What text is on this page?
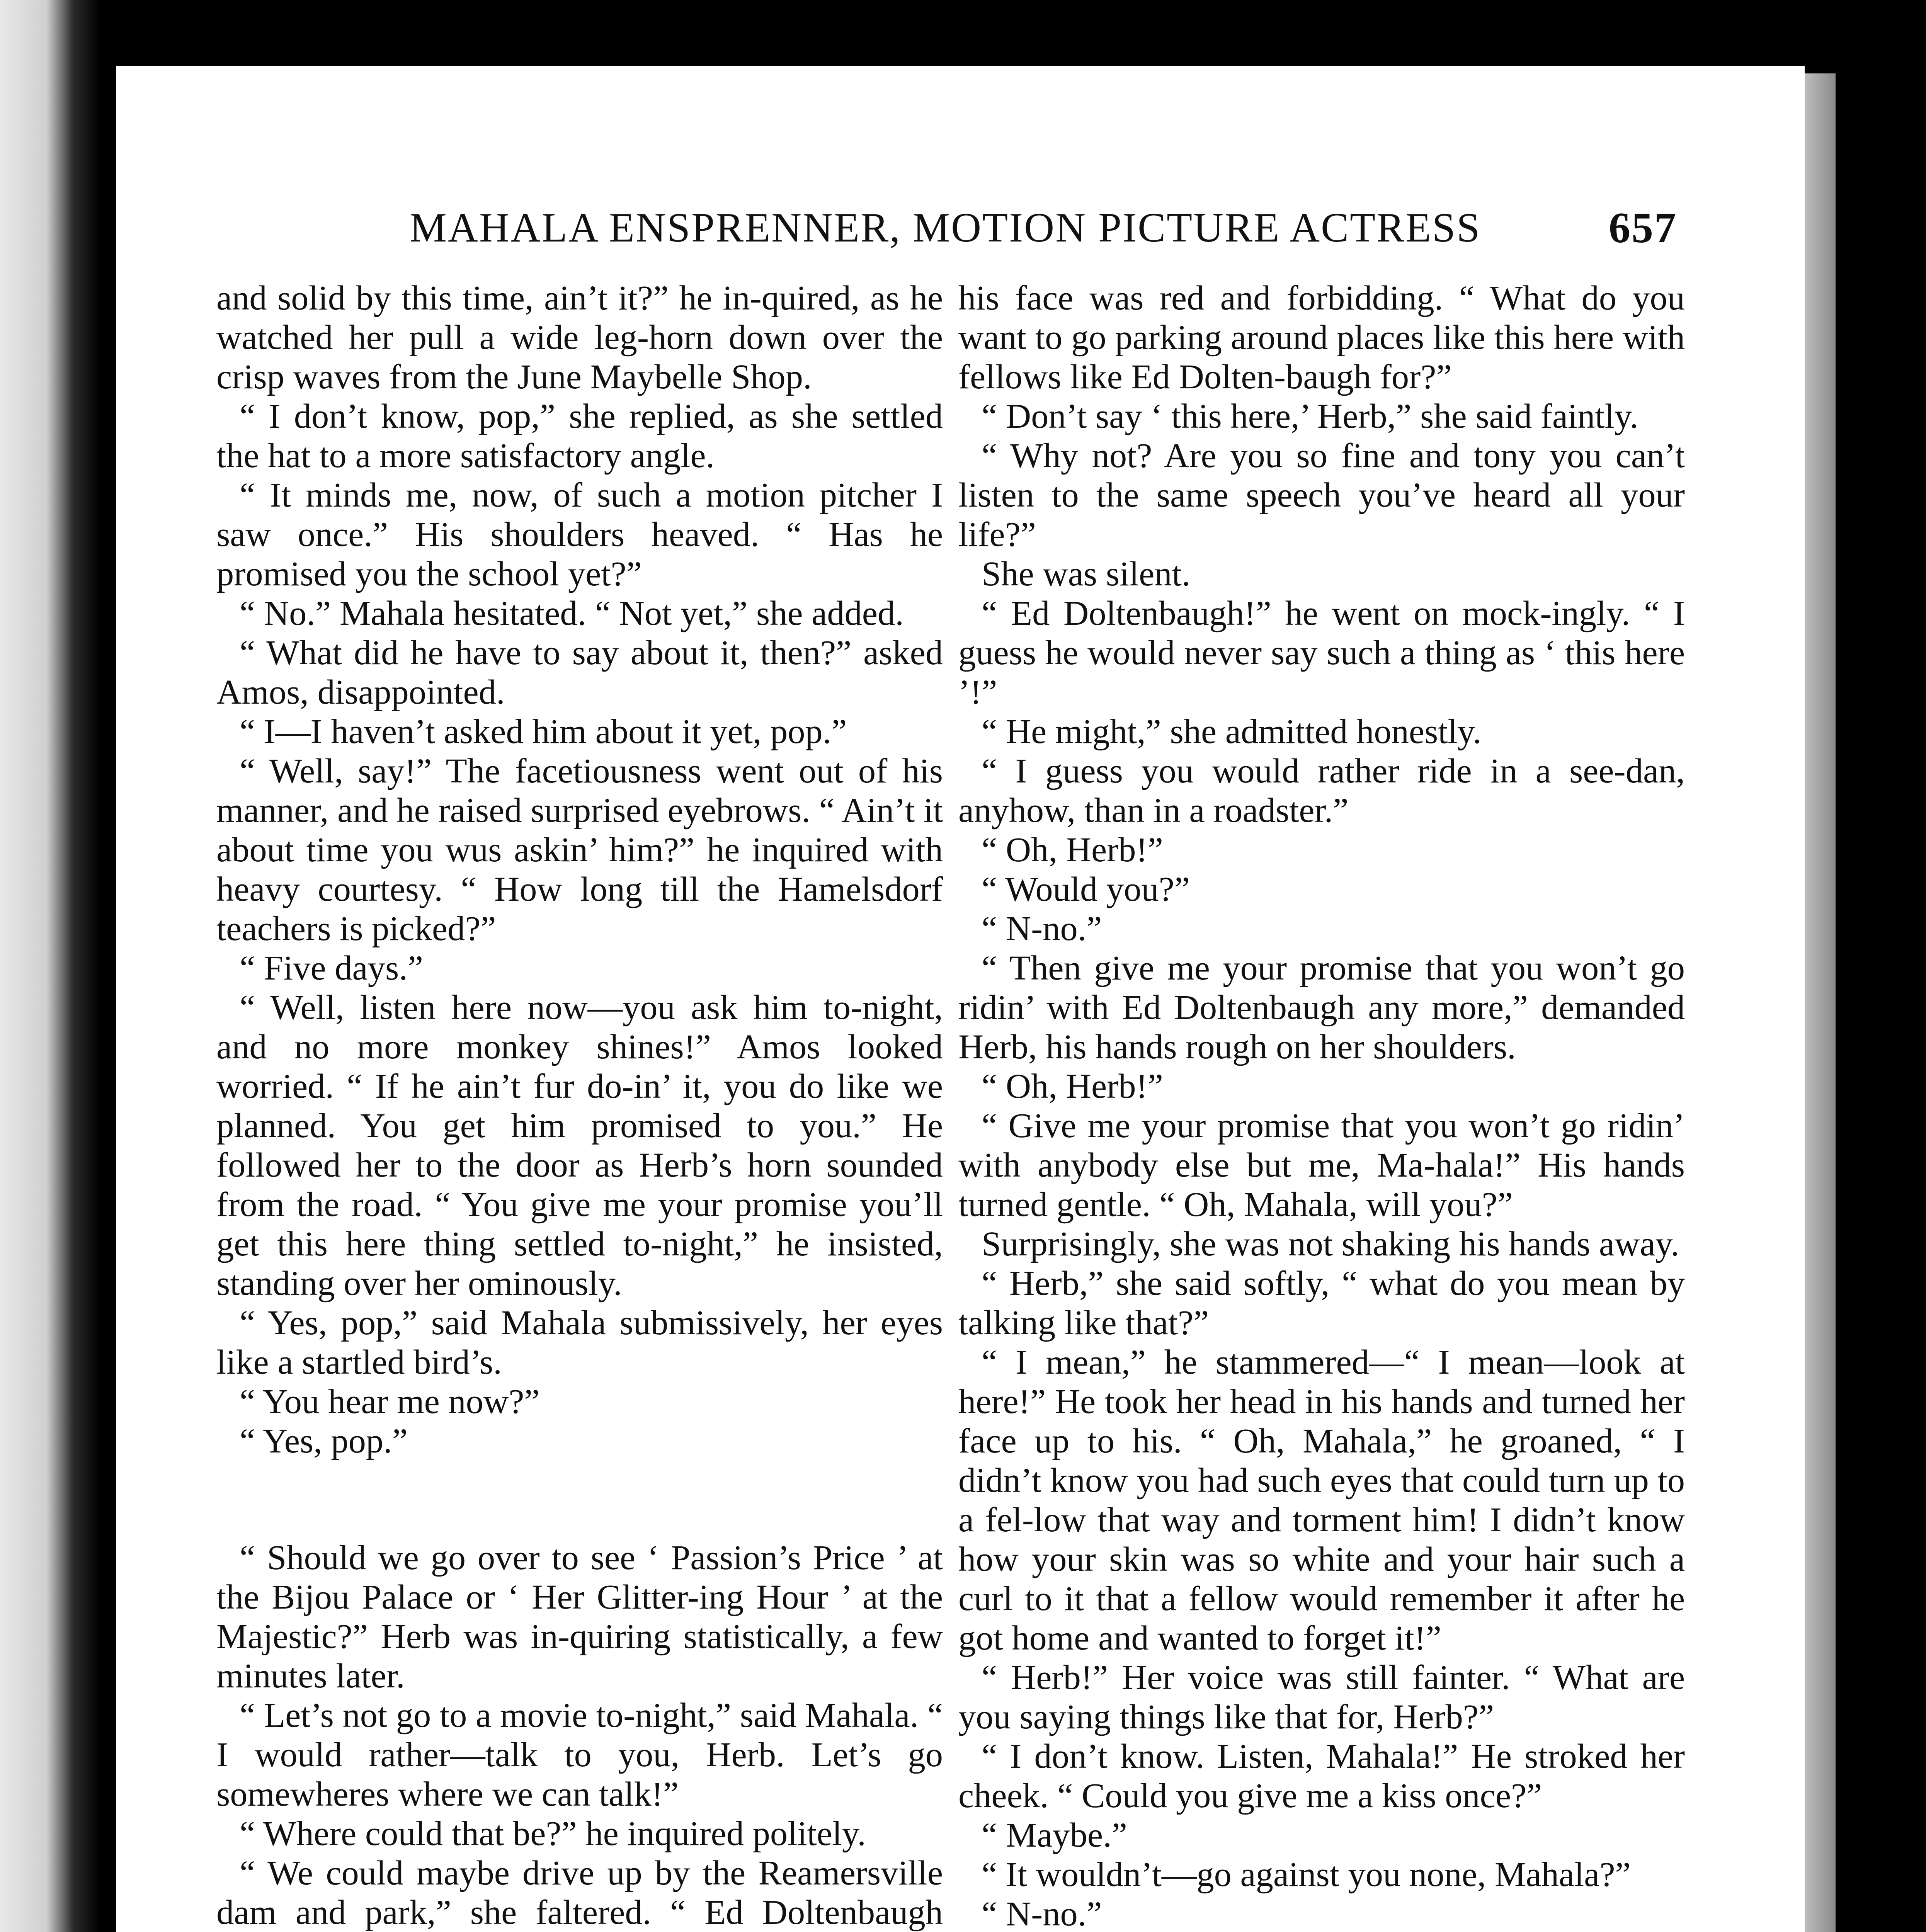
MAHALA ENSPRENNER, MOTION PICTURE ACTRESS	657

and solid by this time, ain’t it?” he in-quired, as he watched her pull a wide leg-horn down over the crisp waves from the June Maybelle Shop.

“ I don’t know, pop,” she replied, as she settled the hat to a more satisfactory angle.

“ It minds me, now, of such a motion pitcher I saw once.” His shoulders heaved. “ Has he promised you the school yet?”

“ No.” Mahala hesitated. “ Not yet,” she added.

“ What did he have to say about it, then?” asked Amos, disappointed.

“ I—I haven’t asked him about it yet, pop.”

“ Well, say!” The facetiousness went out of his manner, and he raised surprised eyebrows. “ Ain’t it about time you wus askin’ him?” he inquired with heavy courtesy. “ How long till the Hamelsdorf teachers is picked?”

“ Five days.”

“ Well, listen here now—you ask him to-night, and no more monkey shines!” Amos looked worried. “ If he ain’t fur do-in’ it, you do like we planned. You get him promised to you.” He followed her to the door as Herb’s horn sounded from the road. “ You give me your promise you’ll get this here thing settled to-night,” he insisted, standing over her ominously.

“ Yes, pop,” said Mahala submissively, her eyes like a startled bird’s.

“ You hear me now?”

“ Yes, pop.”

“ Should we go over to see ‘ Passion’s Price ’ at the Bijou Palace or ‘ Her Glitter-ing Hour ’ at the Majestic?” Herb was in-quiring statistically, a few minutes later.

“ Let’s not go to a movie to-night,” said Mahala. “ I would rather—talk to you, Herb. Let’s go somewheres where we can talk!”

“ Where could that be?” he inquired politely.

“ We could maybe drive up by the Reamersville dam and park,” she faltered. “ Ed Doltenbaugh

his face was red and forbidding. “ What do you want to go parking around places like this here with fellows like Ed Dolten-baugh for?”

“ Don’t say ‘ this here,’ Herb,” she said faintly.

“ Why not? Are you so fine and tony you can’t listen to the same speech you’ve heard all your life?”

She was silent.

“ Ed Doltenbaugh!” he went on mock-ingly. “ I guess he would never say such a thing as ‘ this here ’!”

“ He might,” she admitted honestly.

“ I guess you would rather ride in a see-dan, anyhow, than in a roadster.”

“ Oh, Herb!”

“ Would you?”

“ N-no.”

“ Then give me your promise that you won’t go ridin’ with Ed Doltenbaugh any more,” demanded Herb, his hands rough on her shoulders.

“ Oh, Herb!”

“ Give me your promise that you won’t go ridin’ with anybody else but me, Ma-hala!” His hands turned gentle. “ Oh, Mahala, will you?”

Surprisingly, she was not shaking his hands away.

“ Herb,” she said softly, “ what do you mean by talking like that?”

“ I mean,” he stammered—“ I mean—look at here!” He took her head in his hands and turned her face up to his. “ Oh, Mahala,” he groaned, “ I didn’t know you had such eyes that could turn up to a fel-low that way and torment him! I didn’t know how your skin was so white and your hair such a curl to it that a fellow would remember it after he got home and wanted to forget it!”

“ Herb!” Her voice was still fainter. “ What are you saying things like that for, Herb?”

“ I don’t know. Listen, Mahala!” He stroked her cheek. “ Could you give me a kiss once?”

“ Maybe.”

“ It wouldn’t—go against you none, Mahala?”

“ N-no.”
